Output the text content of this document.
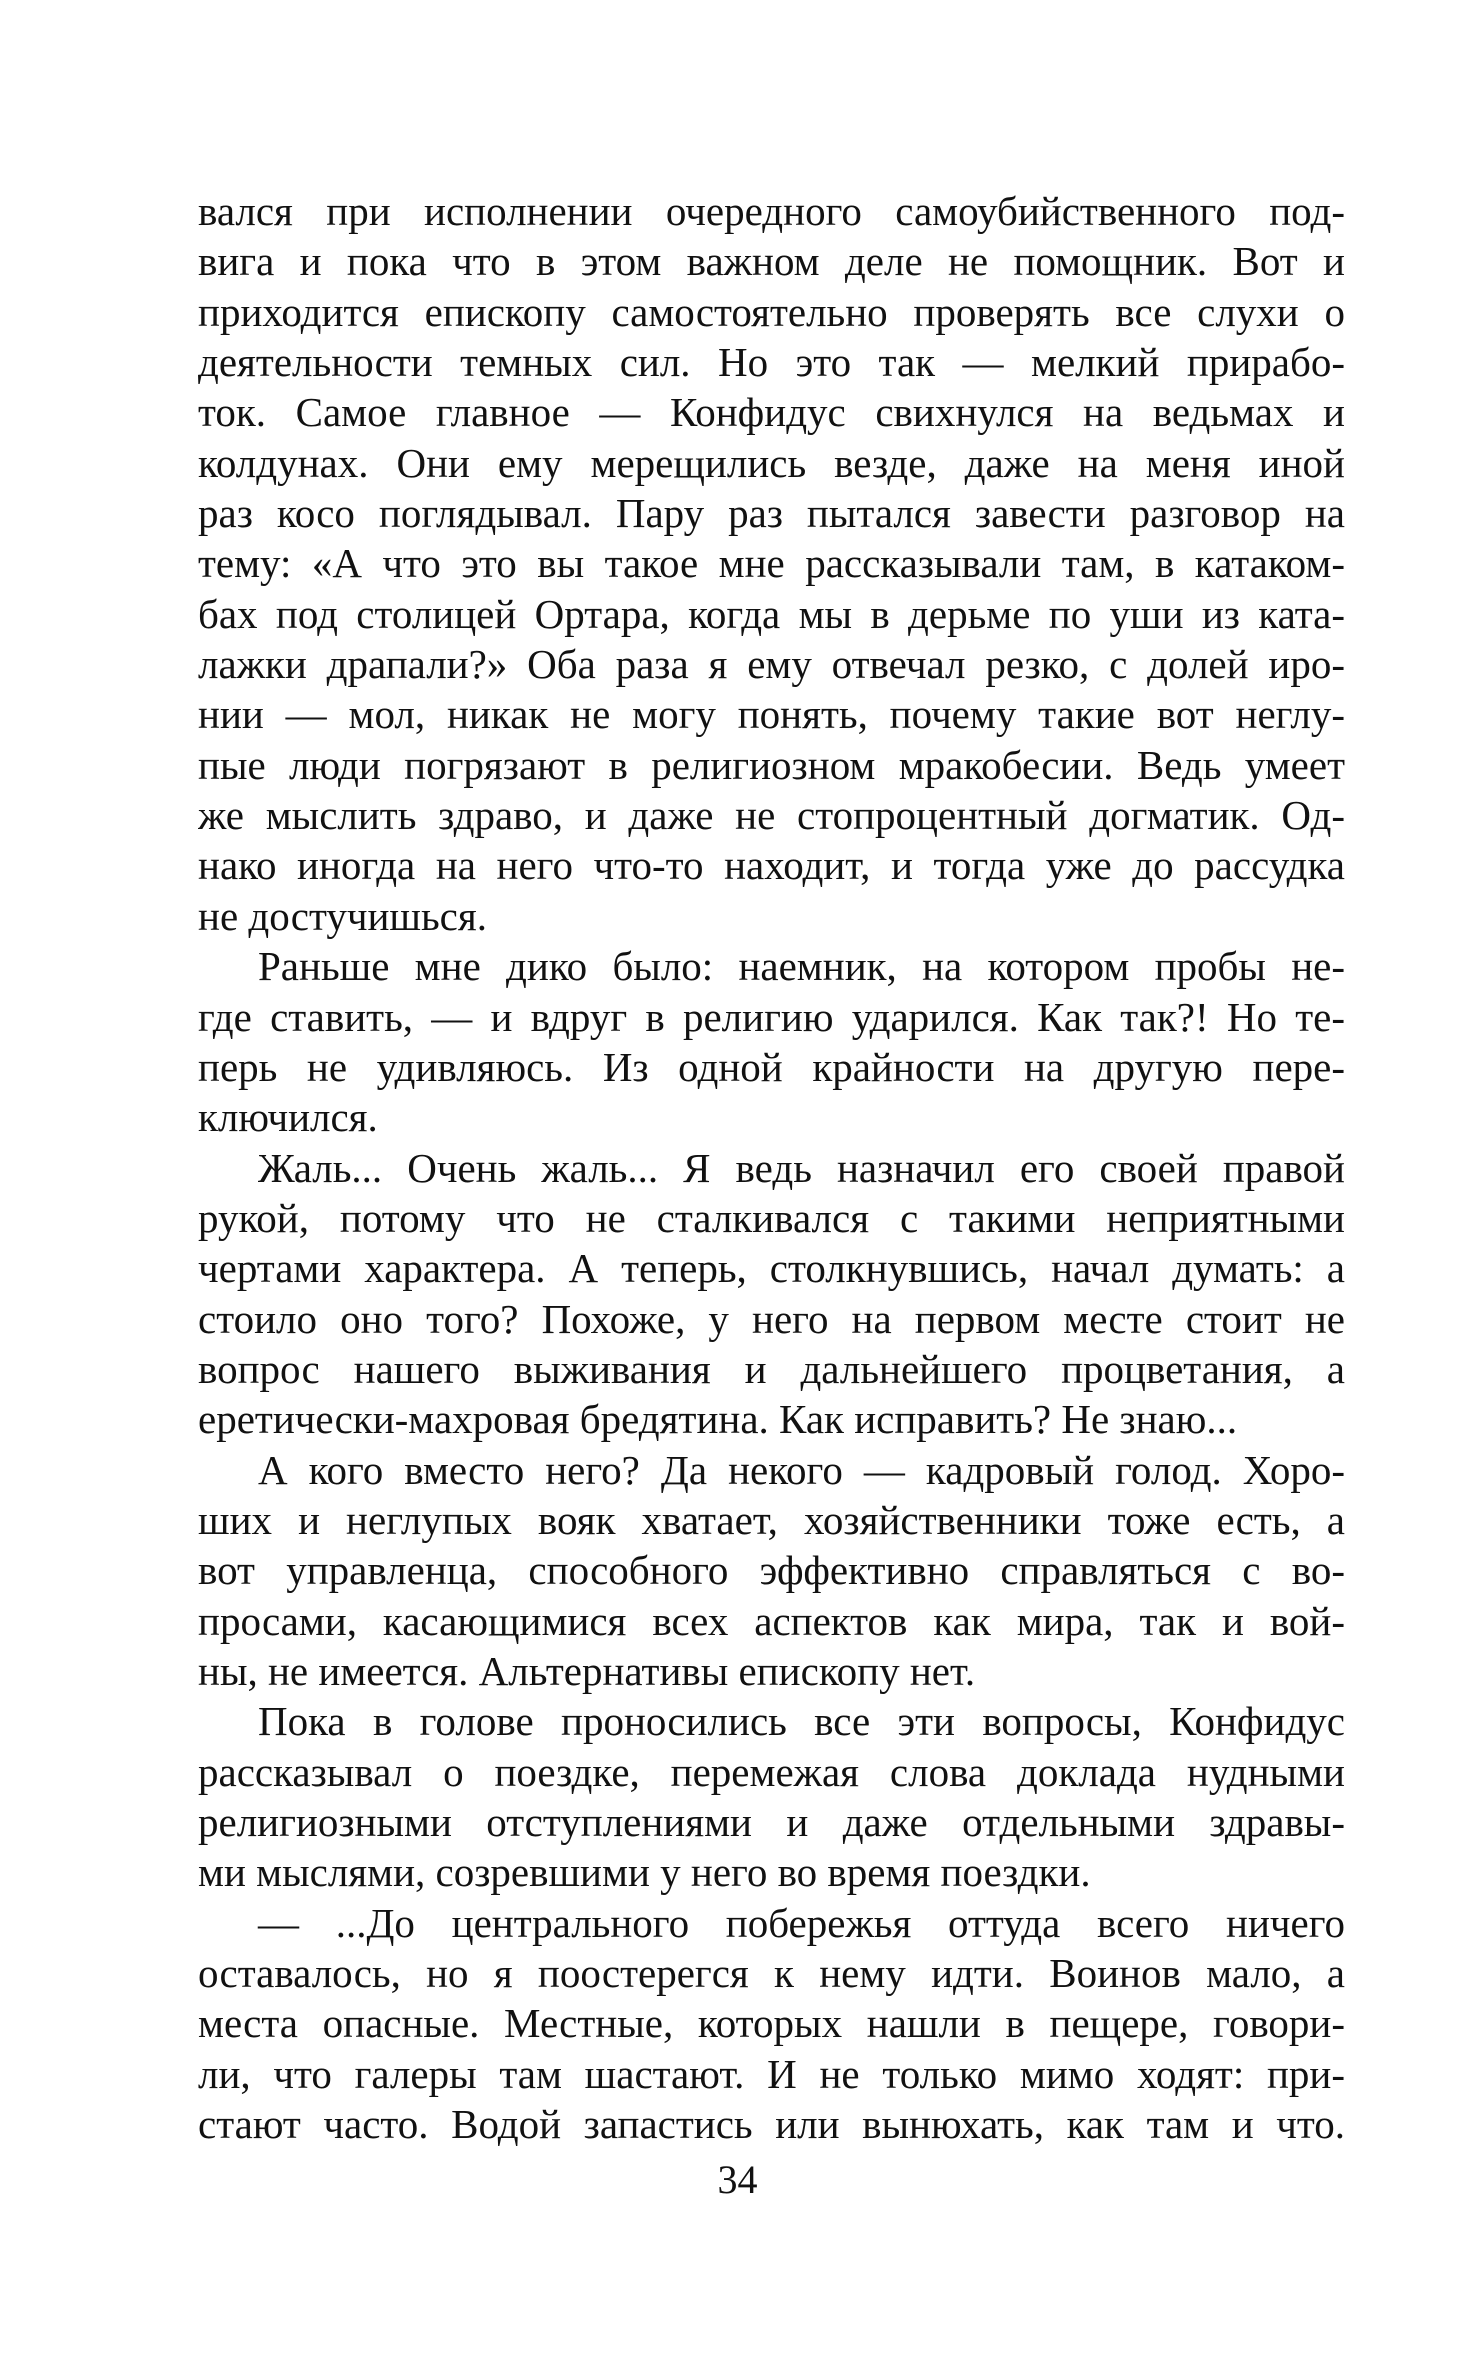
вался при исполнении очередного самоубийственного под-
вига и пока что в этом важном деле не помощник. Вот и
приходится епископу самостоятельно проверять все слухи о
деятельности темных сил. Но это так — мелкий прирабо-
ток. Самое главное — Конфидус свихнулся на ведьмах и
колдунах. Они ему мерещились везде, даже на меня иной
раз косо поглядывал. Пару раз пытался завести разговор на
тему: «А что это вы такое мне рассказывали там, в катаком-
бах под столицей Ортара, когда мы в дерьме по уши из ката-
лажки драпали?» Оба раза я ему отвечал резко, с долей иро-
нии — мол, никак не могу понять, почему такие вот неглу-
пые люди погрязают в религиозном мракобесии. Ведь умеет
же мыслить здраво, и даже не стопроцентный догматик. Од-
нако иногда на него что-то находит, и тогда уже до рассудка
не достучишься.
Раньше мне дико было: наемник, на котором пробы не-
где ставить, — и вдруг в религию ударился. Как так?! Но те-
перь не удивляюсь. Из одной крайности на другую пере-
ключился.
Жаль... Очень жаль... Я ведь назначил его своей правой
рукой, потому что не сталкивался с такими неприятными
чертами характера. А теперь, столкнувшись, начал думать: а
стоило оно того? Похоже, у него на первом месте стоит не
вопрос нашего выживания и дальнейшего процветания, а
еретически-махровая бредятина. Как исправить? Не знаю...
А кого вместо него? Да некого — кадровый голод. Хоро-
ших и неглупых вояк хватает, хозяйственники тоже есть, а
вот управленца, способного эффективно справляться с во-
просами, касающимися всех аспектов как мира, так и вой-
ны, не имеется. Альтернативы епископу нет.
Пока в голове проносились все эти вопросы, Конфидус
рассказывал о поездке, перемежая слова доклада нудными
религиозными отступлениями и даже отдельными здравы-
ми мыслями, созревшими у него во время поездки.
— ...До центрального побережья оттуда всего ничего
оставалось, но я поостерегся к нему идти. Воинов мало, а
места опасные. Местные, которых нашли в пещере, говори-
ли, что галеры там шастают. И не только мимо ходят: при-
стают часто. Водой запастись или вынюхать, как там и что.
34
